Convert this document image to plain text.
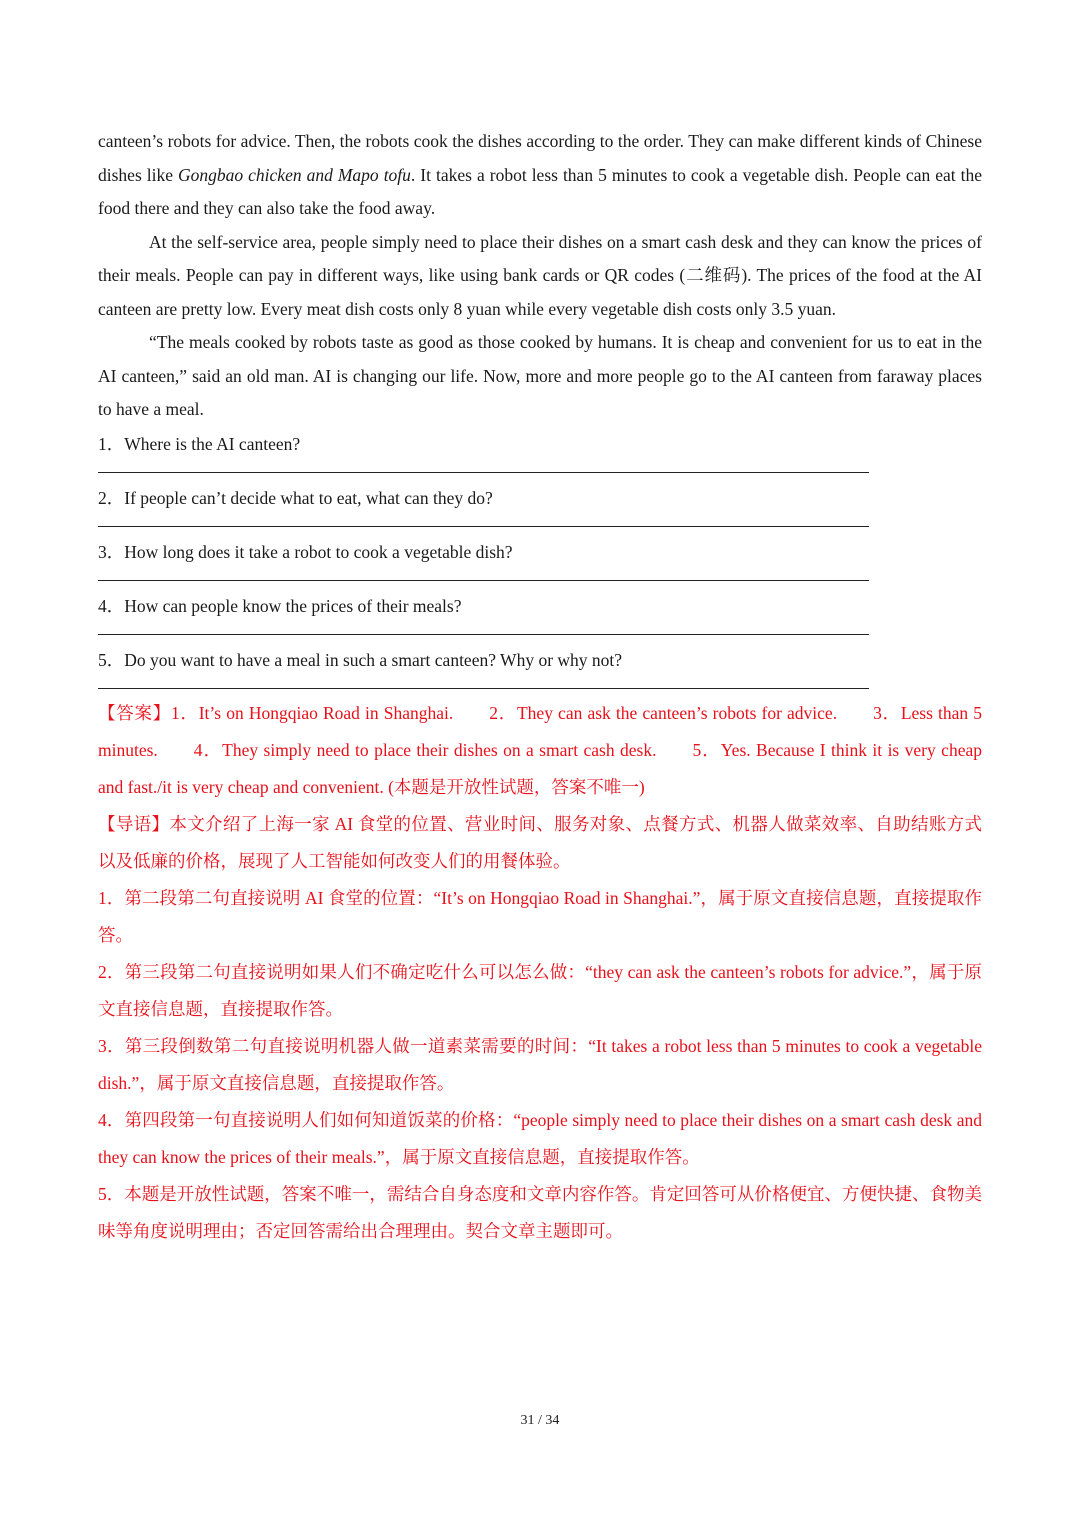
canteen’s robots for advice. Then, the robots cook the dishes according to the order. They can make different kinds of Chinese dishes like Gongbao chicken and Mapo tofu. It takes a robot less than 5 minutes to cook a vegetable dish. People can eat the food there and they can also take the food away.

At the self-service area, people simply need to place their dishes on a smart cash desk and they can know the prices of their meals. People can pay in different ways, like using bank cards or QR codes (二维码). The prices of the food at the AI canteen are pretty low. Every meat dish costs only 8 yuan while every vegetable dish costs only 3.5 yuan.

“The meals cooked by robots taste as good as those cooked by humans. It is cheap and convenient for us to eat in the AI canteen,” said an old man. AI is changing our life. Now, more and more people go to the AI canteen from faraway places to have a meal.

1．Where is the AI canteen?

2．If people can’t decide what to eat, what can they do?

3．How long does it take a robot to cook a vegetable dish?

4．How can people know the prices of their meals?

5．Do you want to have a meal in such a smart canteen? Why or why not?

【答案】1．It’s on Hongqiao Road in Shanghai. 2．They can ask the canteen’s robots for advice. 3．Less than 5 minutes. 4．They simply need to place their dishes on a smart cash desk. 5．Yes. Because I think it is very cheap and fast./it is very cheap and convenient. (本题是开放性试题，答案不唯一)

【导语】本文介绍了上海一家 AI 食堂的位置、营业时间、服务对象、点餐方式、机器人做菜效率、自助结账方式以及低廉的价格，展现了人工智能如何改变人们的用餐体验。

1．第二段第二句直接说明 AI 食堂的位置：“It’s on Hongqiao Road in Shanghai.”，属于原文直接信息题，直接提取作答。

2．第三段第二句直接说明如果人们不确定吃什么可以怎么做：“they can ask the canteen’s robots for advice.”，属于原文直接信息题，直接提取作答。

3．第三段倒数第二句直接说明机器人做一道素菜需要的时间：“It takes a robot less than 5 minutes to cook a vegetable dish.”，属于原文直接信息题，直接提取作答。

4．第四段第一句直接说明人们如何知道饭菜的价格：“people simply need to place their dishes on a smart cash desk and they can know the prices of their meals.”，属于原文直接信息题，直接提取作答。

5．本题是开放性试题，答案不唯一，需结合自身态度和文章内容作答。肯定回答可从价格便宜、方便快捷、食物美味等角度说明理由；否定回答需给出合理理由。契合文章主题即可。

31 / 34
